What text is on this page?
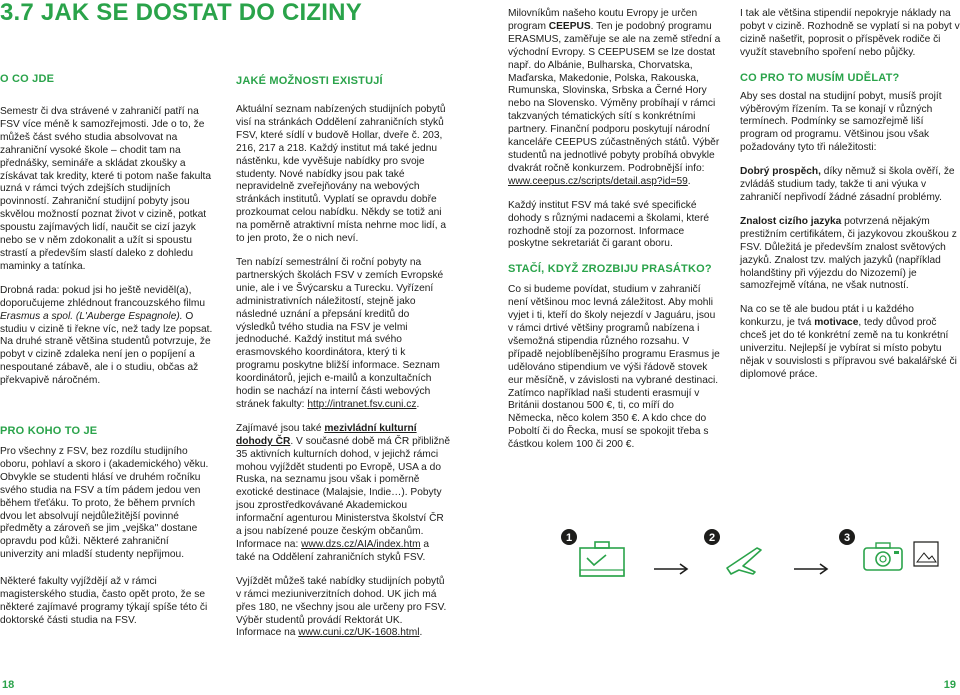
3.7 JAK SE DOSTAT DO CIZINY
O CO JDE

Semestr či dva strávené v zahraničí patří na FSV více méně k samozřejmosti. Jde o to, že můžeš část svého studia absolvovat na zahraniční vysoké škole – chodit tam na přednášky, semináře a skládat zkoušky a získávat tak kredity, které ti potom naše fakulta uzná v rámci tvých zdejších studijních povinností. Zahraniční studijní pobyty jsou skvělou možností poznat život v cizině, potkat spoustu zajímavých lidí, naučit se cizí jazyk nebo se v něm zdokonalit a užít si spoustu strastí a především slastí daleko z dohledu maminky a tatínka.

Drobná rada: pokud jsi ho ještě neviděl(a), doporučujeme zhlédnout francouzského filmu Erasmus a spol. (L'Auberge Espagnole). O studiu v cizině ti řekne víc, než tady lze popsat. Na druhé straně většina studentů potvrzuje, že pobyt v cizině zdaleka není jen o popíjení a nespoutané zábavě, ale i o studiu, občas až překvapivě náročném.

PRO KOHO TO JE

Pro všechny z FSV, bez rozdílu studijního oboru, pohlaví a skoro i (akademického) věku. Obvykle se studenti hlásí ve druhém ročníku svého studia na FSV a tím pádem jedou ven během třeťáku. To proto, že během prvních dvou let absolvují nejdůležitější povinné předměty a zároveň se jim „vejška" dostane opravdu pod kůži. Některé zahraniční univerzity ani mladší studenty nepřijmou.

Některé fakulty vyjíždějí až v rámci magisterského studia, často opět proto, že se některé zajímavé programy týkají spíše této či doktorské části studia na FSV.

JAKÉ MOŽNOSTI EXISTUJÍ

Aktuální seznam nabízených studijních pobytů visí na stránkách Oddělení zahraničních styků FSV, které sídlí v budově Hollar, dveře č. 203, 216, 217 a 218. Každý institut má také jednu nástěnku, kde vyvěšuje nabídky pro svoje studenty. Nové nabídky jsou pak také nepravidelně zveřejňovány na webových stránkách institutů. Vyplatí se opravdu dobře prozkoumat celou nabídku. Někdy se totiž ani na poměrně atraktivní místa nehrne moc lidí, a to jen proto, že o nich neví.

Ten nabízí semestrální či roční pobyty na partnerských školách FSV v zemích Evropské unie, ale i ve Švýcarsku a Turecku. Vyřízení administrativních náležitostí, stejně jako následné uznání a přepsání kreditů do výsledků tvého studia na FSV je velmi jednoduché. Každý institut má svého erasmovského koordinátora, který ti k programu poskytne bližší informace. Seznam koordinátorů, jejich e-mailů a konzultačních hodin se nachází na interní části webových stránek fakulty: http://intranet.fsv.cuni.cz.

Zajímavé jsou také mezivládní kulturní dohody ČR. V současné době má ČR přibližně 35 aktivních kulturních dohod, v jejichž rámci mohou vyjíždět studenti po Evropě, USA a do Ruska, na seznamu jsou však i poměrně exotické destinace (Malajsie, Indie…). Pobyty jsou zprostředkovávané Akademickou informační agenturou Ministerstva školství ČR a jsou nabízené pouze českým občanům. Informace na: www.dzs.cz/AIA/index.htm a také na Oddělení zahraničních styků FSV.

Vyjíždět můžeš také nabídky studijních pobytů v rámci meziuniverzitních dohod. UK jich má přes 180, ne všechny jsou ale určeny pro FSV. Výběr studentů provádí Rektorát UK. Informace na www.cuni.cz/UK-1608.html.

Milovníkům našeho koutu Evropy je určen program CEEPUS. Ten je podobný programu ERASMUS, zaměřuje se ale na země střední a východní Evropy. S CEEPUSEM se lze dostat např. do Albánie, Bulharska, Chorvatska, Maďarska, Makedonie, Polska, Rakouska, Rumunska, Slovinska, Srbska a Černé Hory nebo na Slovensko. Výměny probíhají v rámci takzvaných tématických sítí s konkrétními partnery. Finanční podporu poskytují národní kanceláře CEEPUS zúčastněných států. Výběr studentů na jednotlivé pobyty probíhá obvykle dvakrát ročně konkurzem. Podrobnější info: www.ceepus.cz/scripts/detail.asp?id=59.

Každý institut FSV má také své specifické dohody s různými nadacemi a školami, které rozhodně stojí za pozornost. Informace poskytne sekretariát či garant oboru.

STAČÍ, KDYŽ ZROZBIJU PRASÁTKO?

Co si budeme povídat, studium v zahraničí není většinou moc levná záležitost. Aby mohli vyjet i ti, kteří do školy nejezdí v Jaguáru, jsou v rámci drtivé většiny programů nabízena i všemožná stipendia různého rozsahu. V případě nejoblíbenějšího programu Erasmus je udělováno stipendium ve výši řádově stovek eur měsíčně, v závislosti na vybrané destinaci. Zatímco například naši studenti erasmují v Británii dostanou 500 €, ti, co míří do Německa, něco kolem 350 €. A kdo chce do Poboltí či do Řecka, musí se spokojit třeba s částkou kolem 100 či 200 €.

I tak ale většina stipendií nepokryje náklady na pobyt v cizině. Rozhodně se vyplatí si na pobyt v cizině našetřit, poprosit o příspěvek rodiče či využít stavebního spoření nebo půjčky.

CO PRO TO MUSÍM UDĚLAT?

Aby ses dostal na studijní pobyt, musíš projít výběrovým řízením. Ta se konají v různých termínech. Podmínky se samozřejmě liší program od programu. Většinou jsou však požadovány tyto tři náležitosti:

Dobrý prospěch, díky němuž si škola ověří, že zvládáš studium tady, takže ti ani výuka v zahraničí nepřivodí žádné zásadní problémy.

Znalost cizího jazyka potvrzená nějakým prestižním certifikátem, či jazykovou zkouškou z FSV. Důležitá je především znalost světových jazyků. Znalost tzv. malých jazyků (například holandštiny při výjezdu do Nizozemí) je samozřejmě vítána, ne však nutností.

Na co se tě ale budou ptát i u každého konkurzu, je tvá motivace, tedy důvod proč chceš jet do té konkrétní země na tu konkrétní univerzitu. Nejlepší je vybírat si místo pobytu nějak v souvislosti s přípravou své bakalářské či diplomové práce.

1	2	3
18	19
